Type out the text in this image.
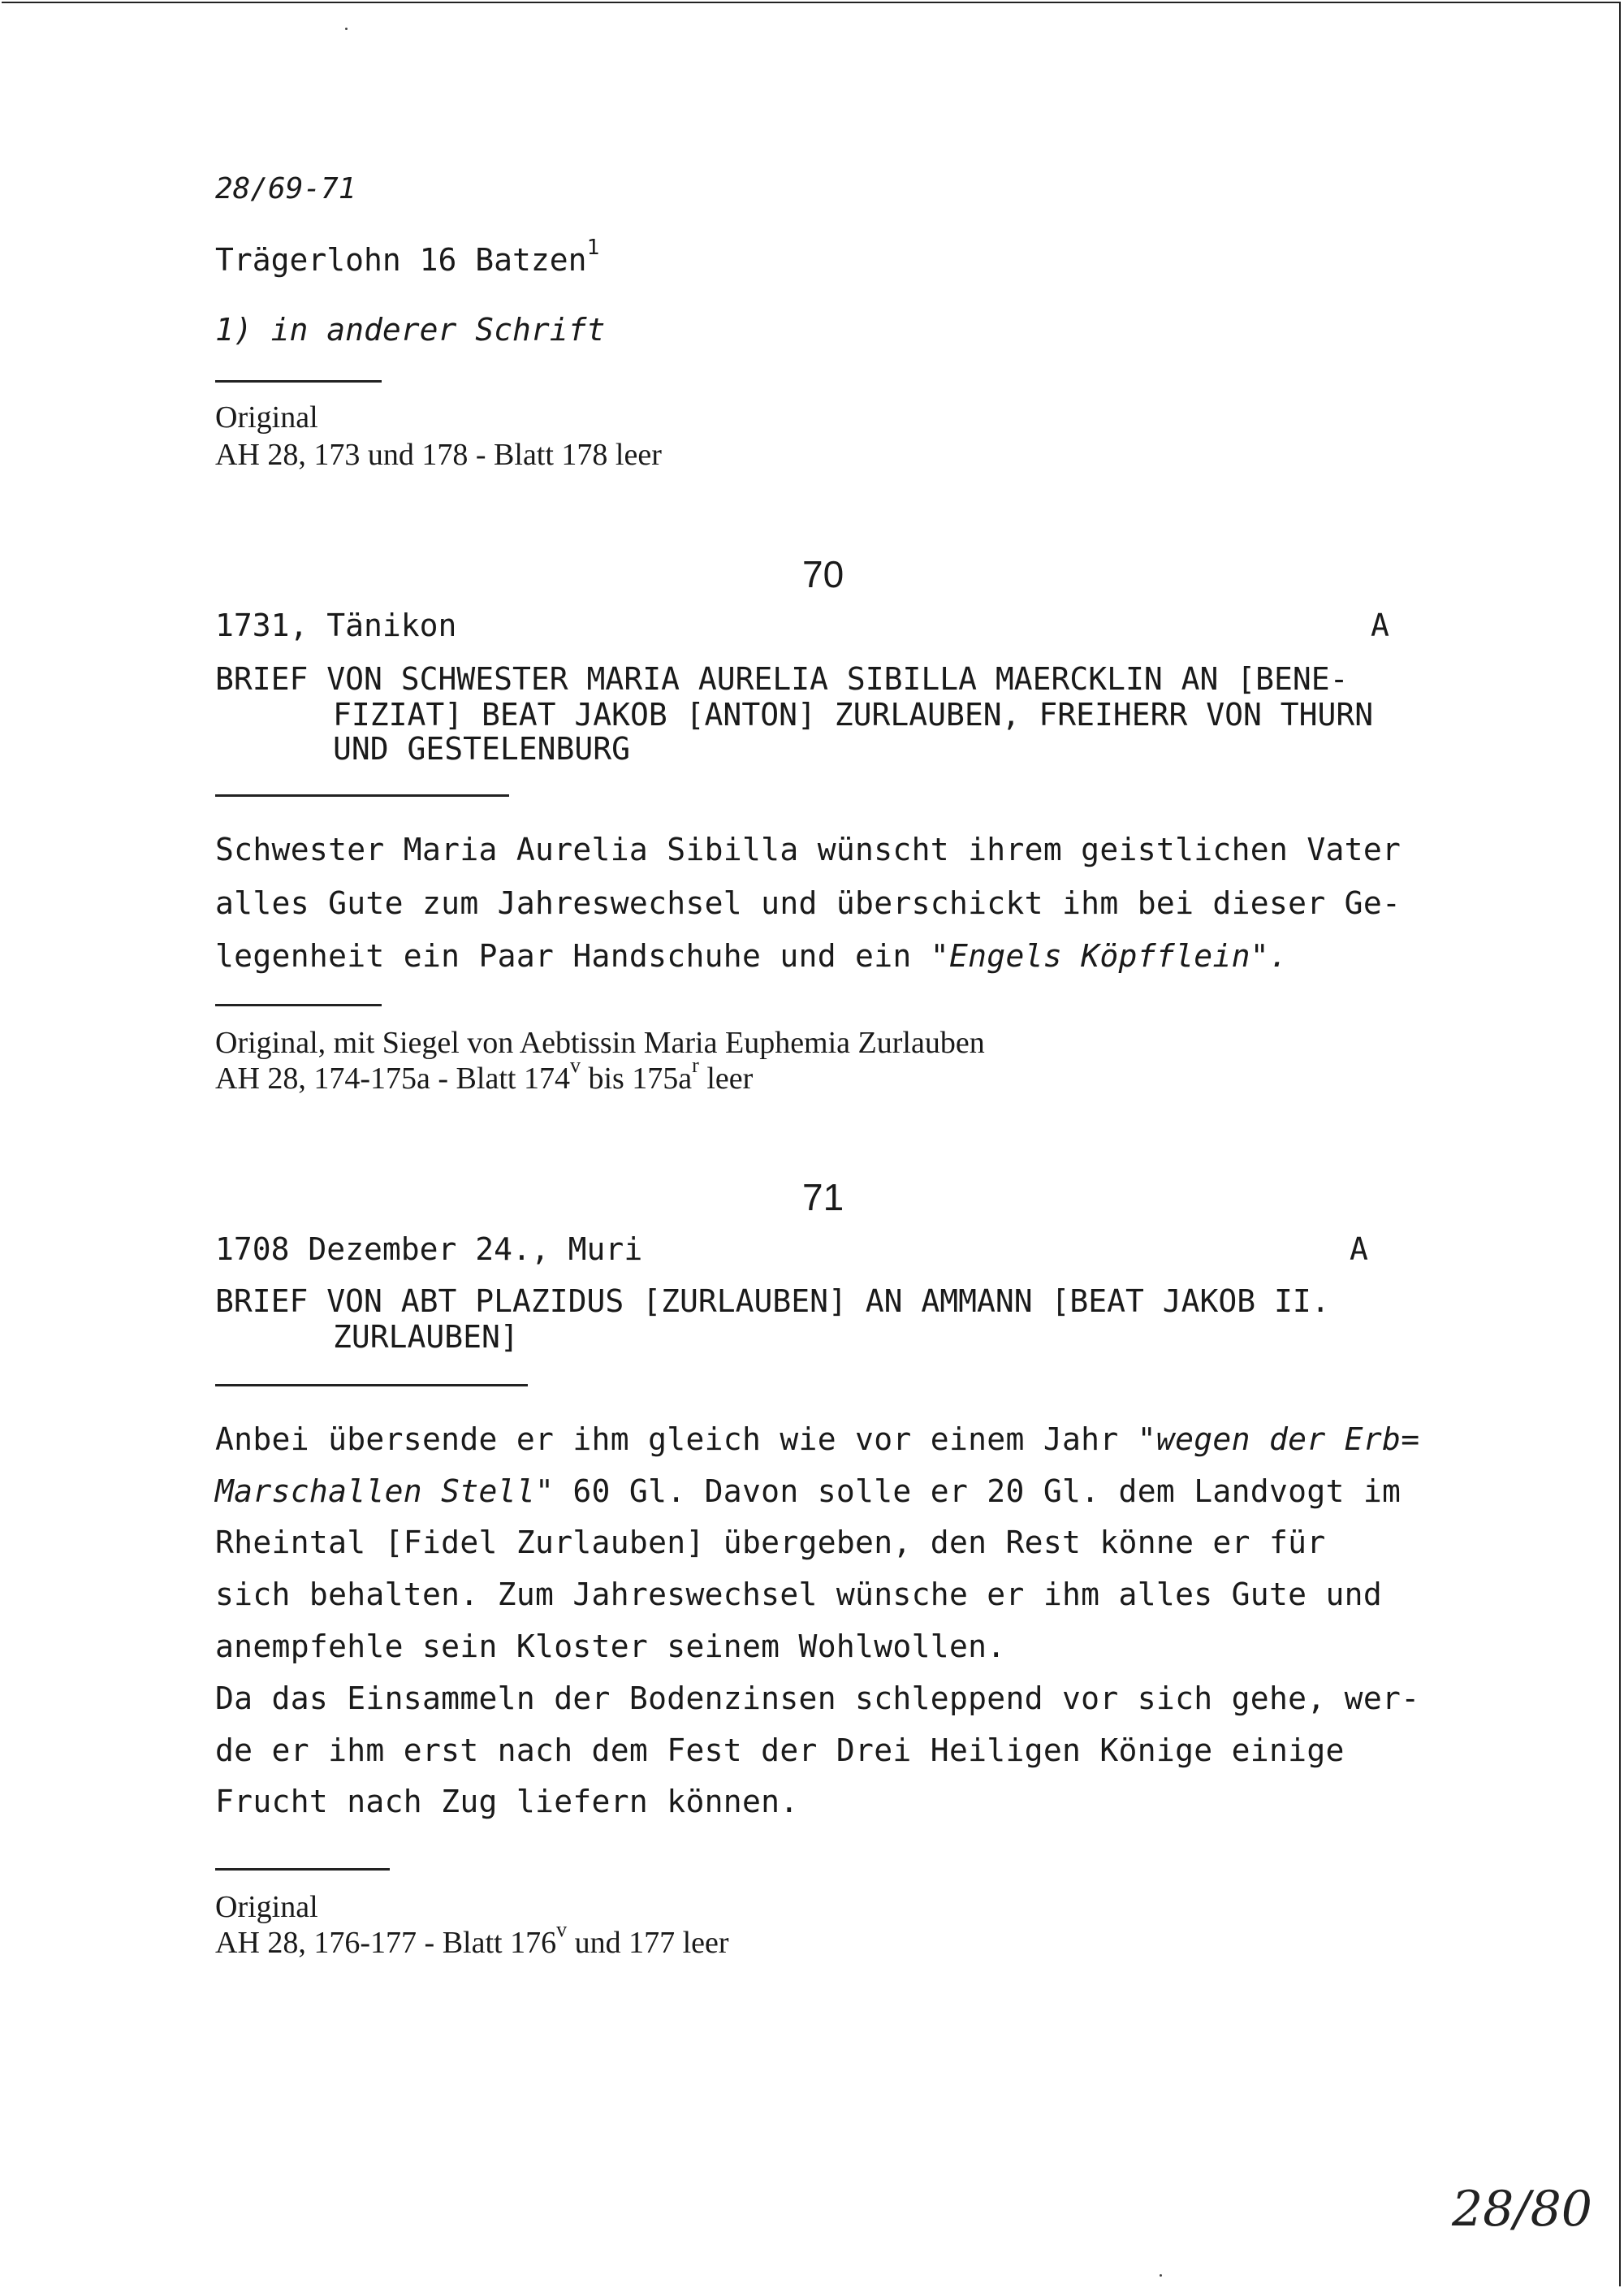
28/69-71
Trägerlohn 16 Batzen$^1$
1) in anderer Schrift
Original
AH 28, 173 und 178 - Blatt 178 leer
70
1731, Tänikon	A
BRIEF VON SCHWESTER MARIA AURELIA SIBILLA MAERCKLIN AN [BENE-
FIZIAT] BEAT JAKOB [ANTON] ZURLAUBEN, FREIHERR VON THURN
UND GESTELENBURG
Schwester Maria Aurelia Sibilla wünscht ihrem geistlichen Vater
alles Gute zum Jahreswechsel und überschickt ihm bei dieser Ge-
legenheit ein Paar Handschuhe und ein "Engels Köpfflein".
Original, mit Siegel von Aebtissin Maria Euphemia Zurlauben
AH 28, 174-175a - Blatt 174$^v$ bis $175a^r$ leer
71
1708 Dezember 24., Muri	A
BRIEF VON ABT PLAZIDUS [ZURLAUBEN] AN AMMANN [BEAT JAKOB II.
ZURLAUBEN]
Anbei übersende er ihm gleich wie vor einem Jahr "wegen der Erb=
Marschallen Stell" 60 Gl. Davon solle er 20 Gl. dem Landvogt im
Rheintal [Fidel Zurlauben] übergeben, den Rest könne er für
sich behalten. Zum Jahreswechsel wünsche er ihm alles Gute und
anempfehle sein Kloster seinem Wohlwollen.
Da das Einsammeln der Bodenzinsen schleppend vor sich gehe, wer-
de er ihm erst nach dem Fest der Drei Heiligen Könige einige
Frucht nach Zug liefern können.
Original
AH 28, 176-177 - Blatt 176$^v$ und 177 leer
28/80
